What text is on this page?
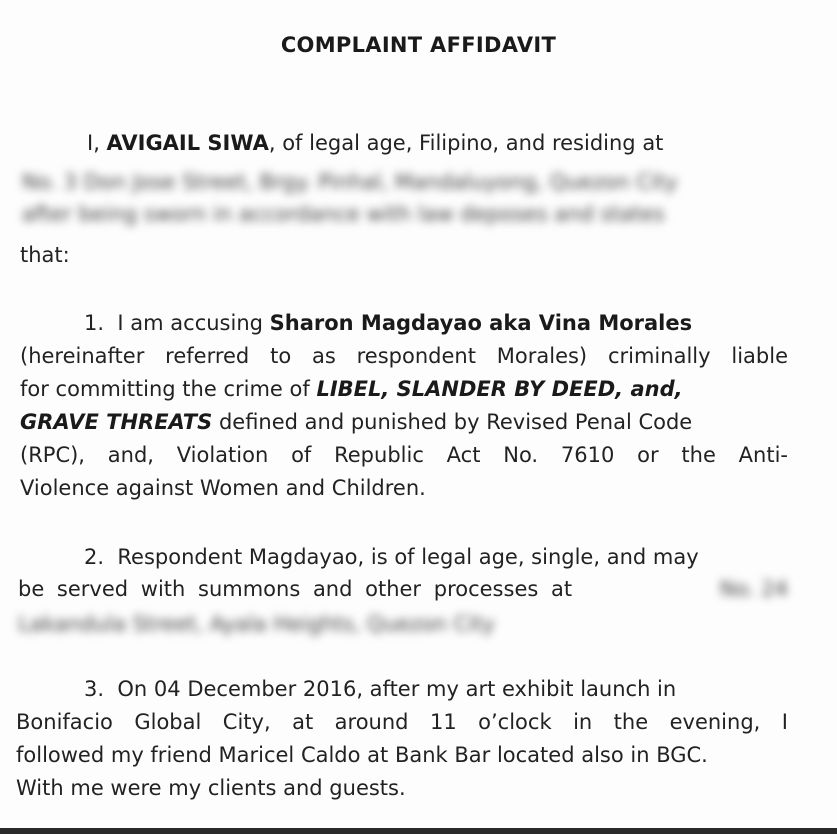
COMPLAINT AFFIDAVIT
I, AVIGAIL SIWA, of legal age, Filipino, and residing at
No. 3 Don Jose Street, Brgy. Pinhal, Mandaluyong, Quezon City
after being sworn in accordance with law deposes and states
that:
1. I am accusing Sharon Magdayao aka Vina Morales
(hereinafter referred to as respondent Morales) criminally liable
for committing the crime of LIBEL, SLANDER BY DEED, and,
GRAVE THREATS defined and punished by Revised Penal Code
(RPC), and, Violation of Republic Act No. 7610 or the Anti-
Violence against Women and Children.
2. Respondent Magdayao, is of legal age, single, and may
be served with summons and other processes at	No. 24
Lakandula Street, Ayala Heights, Quezon City
3. On 04 December 2016, after my art exhibit launch in
Bonifacio Global City, at around 11 o’clock in the evening, I
followed my friend Maricel Caldo at Bank Bar located also in BGC.
With me were my clients and guests.
